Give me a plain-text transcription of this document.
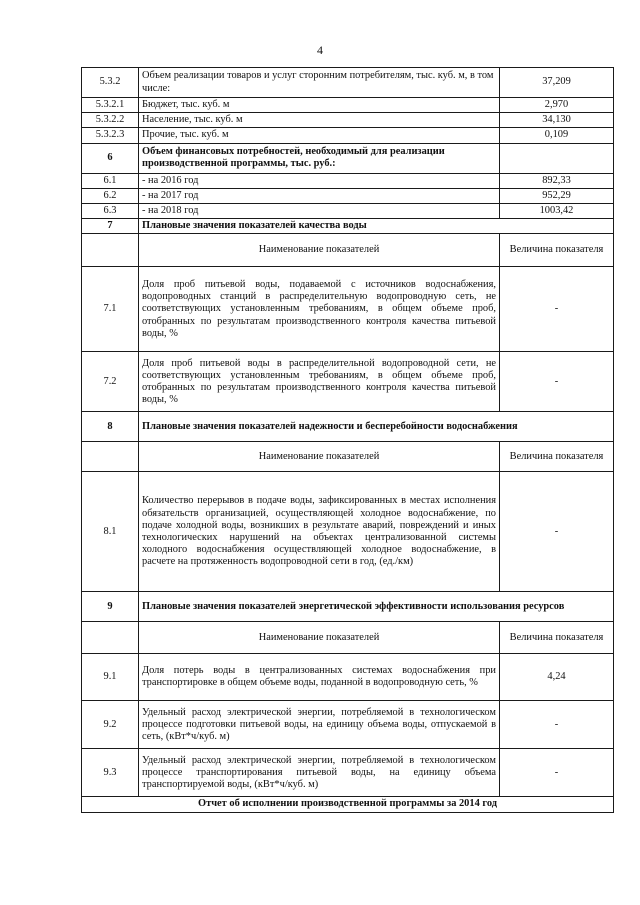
4
5.3.2	Объем реализации товаров и услуг сторонним потребителям, тыс. куб. м, в том числе:	37,209
5.3.2.1	Бюджет, тыс. куб. м	2,970
5.3.2.2	Население, тыс. куб. м	34,130
5.3.2.3	Прочие, тыс. куб. м	0,109
6	Объем финансовых потребностей, необходимый для реализации производственной программы, тыс. руб.:	
6.1	- на 2016 год	892,33
6.2	- на 2017 год	952,29
6.3	- на 2018 год	1003,42
7	Плановые значения показателей качества воды	
	Наименование показателей	Величина показателя
7.1	Доля проб питьевой воды, подаваемой с источников водоснабжения, водопроводных станций в распределительную водопроводную сеть, не соответствующих установленным требованиям, в общем объеме проб, отобранных по результатам производственного контроля качества питьевой воды, %	-
7.2	Доля проб питьевой воды в распределительной водопроводной сети, не соответствующих установленным требованиям, в общем объеме проб, отобранных по результатам производственного контроля качества питьевой воды, %	-
8	Плановые значения показателей надежности и бесперебойности водоснабжения	
	Наименование показателей	Величина показателя
8.1	Количество перерывов в подаче воды, зафиксированных в местах исполнения обязательств организацией, осуществляющей холодное водоснабжение, по подаче холодной воды, возникших в результате аварий, повреждений и иных технологических нарушений на объектах централизованной системы холодного водоснабжения осуществляющей холодное водоснабжение, в расчете на протяженность водопроводной сети в год, (ед./км)	-
9	Плановые значения показателей энергетической эффективности использования ресурсов	
	Наименование показателей	Величина показателя
9.1	Доля потерь воды в централизованных системах водоснабжения при транспортировке в общем объеме воды, поданной в водопроводную сеть, %	4,24
9.2	Удельный расход электрической энергии, потребляемой в технологическом процессе подготовки питьевой воды, на единицу объема воды, отпускаемой в сеть, (кВт*ч/куб. м)	-
9.3	Удельный расход электрической энергии, потребляемой в технологическом процессе транспортирования питьевой воды, на единицу объема транспортируемой воды, (кВт*ч/куб. м)	-
Отчет об исполнении производственной программы за 2014 год		
